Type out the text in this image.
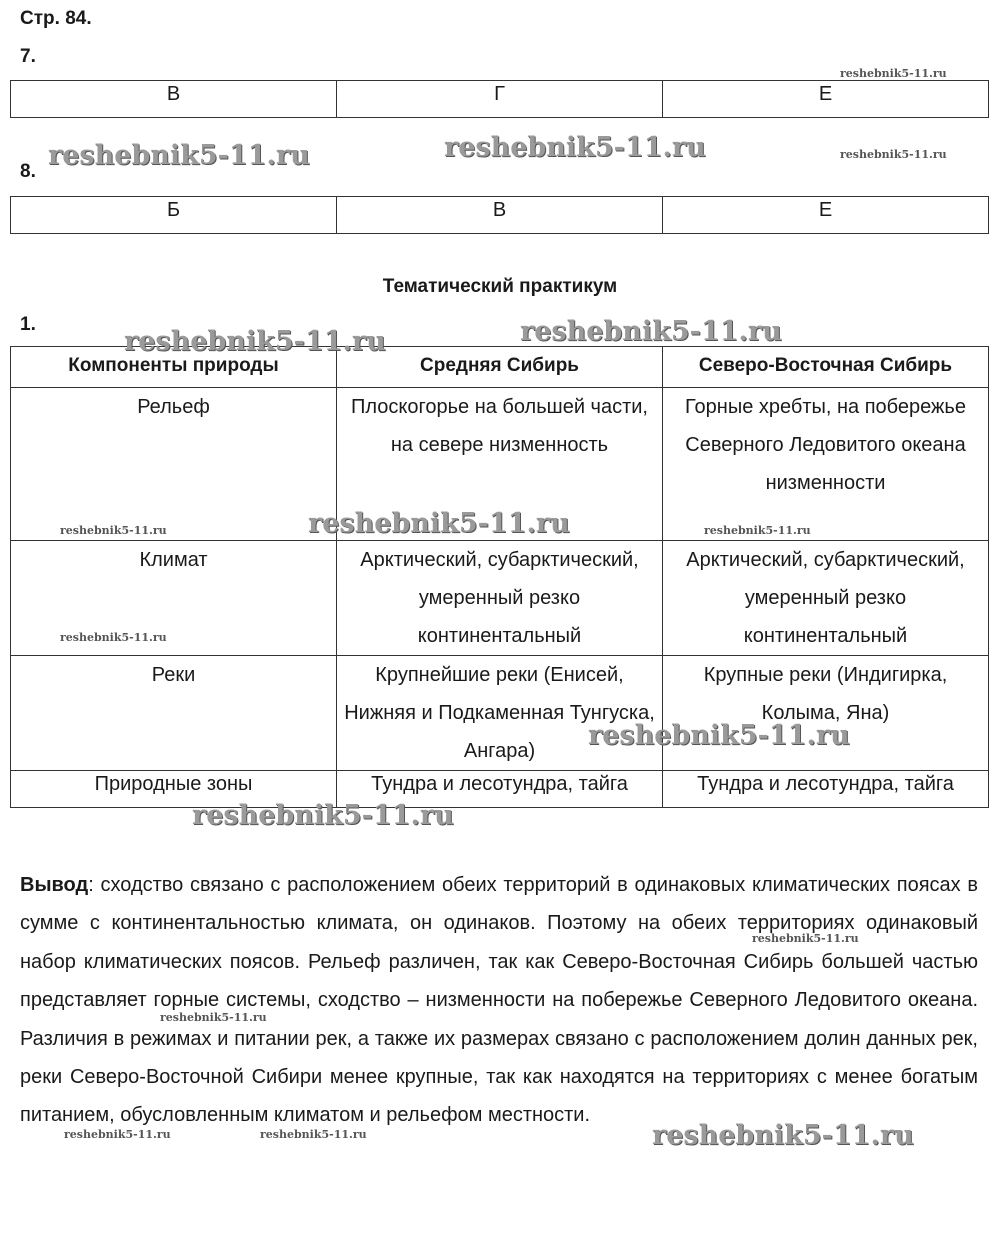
Стр. 84.
7.
В	Г	Е
8.
Б	В	Е
Тематический практикум
1.
Компоненты природы	Средняя Сибирь	Северо-Восточная Сибирь
Рельеф	Плоскогорье на большей части, на севере низменность	Горные хребты, на побережье Северного Ледовитого океана низменности
Климат	Арктический, субарктический, умеренный резко континентальный	Арктический, субарктический, умеренный резко континентальный
Реки	Крупнейшие реки (Енисей, Нижняя и Подкаменная Тунгуска, Ангара)	Крупные реки (Индигирка, Колыма, Яна)
Природные зоны	Тундра и лесотундра, тайга	Тундра и лесотундра, тайга
Вывод: сходство связано с расположением обеих территорий в одинаковых климатических поясах в сумме с континентальностью климата, он одинаков. Поэтому на обеих территориях одинаковый набор климатических поясов. Рельеф различен, так как Северо-Восточная Сибирь большей частью представляет горные системы, сходство – низменности на побережье Северного Ледовитого океана. Различия в режимах и питании рек, а также их размерах связано с расположением долин данных рек, реки Северо-Восточной Сибири менее крупные, так как находятся на территориях с менее богатым питанием, обусловленным климатом и рельефом местности.
reshebnik5-11.ru
reshebnik5-11.ru	reshebnik5-11.ru	reshebnik5-11.ru
reshebnik5-11.ru	reshebnik5-11.ru
reshebnik5-11.ru	reshebnik5-11.ru	reshebnik5-11.ru
reshebnik5-11.ru
reshebnik5-11.ru
reshebnik5-11.ru
reshebnik5-11.ru
reshebnik5-11.ru
reshebnik5-11.ru	reshebnik5-11.ru	reshebnik5-11.ru
